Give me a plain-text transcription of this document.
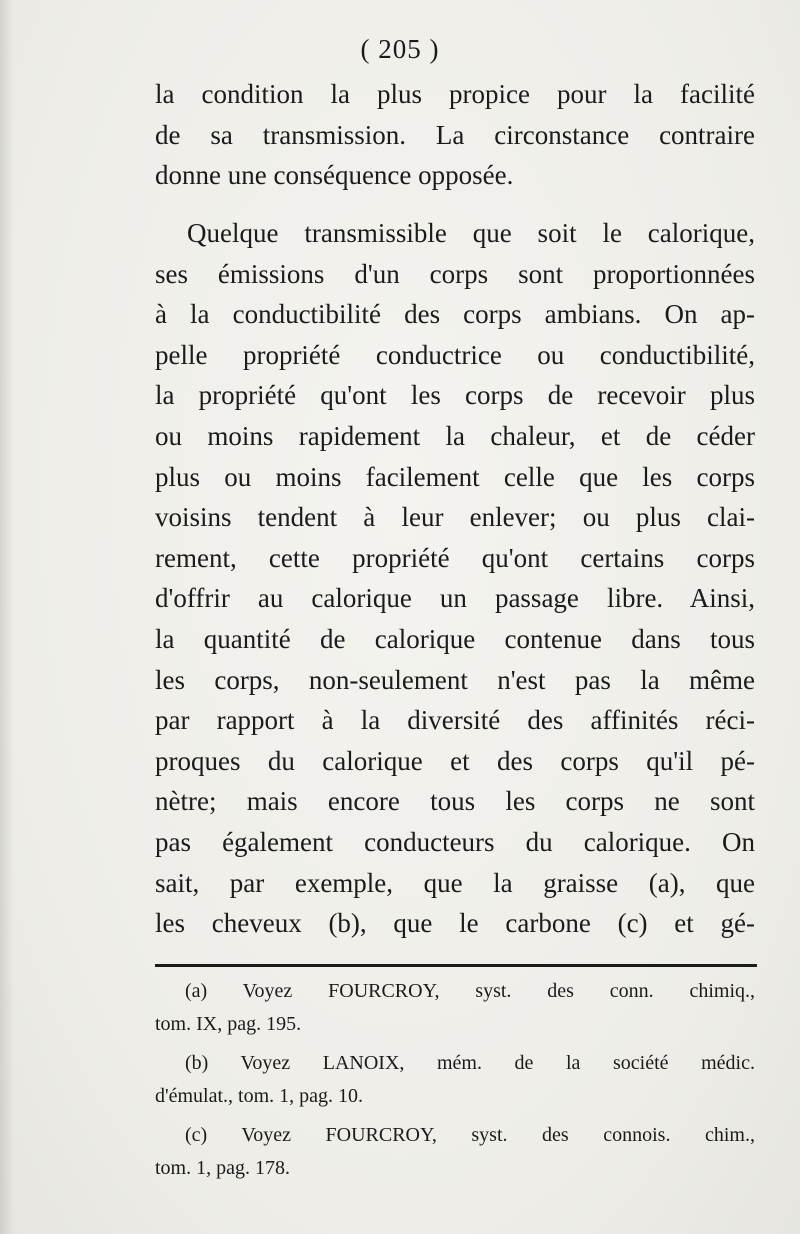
( 205 )
la condition la plus propice pour la facilité
de sa transmission. La circonstance contraire
donne une conséquence opposée.
Quelque transmissible que soit le calorique,
ses émissions d'un corps sont proportionnées
à la conductibilité des corps ambians. On ap-
pelle propriété conductrice ou conductibilité,
la propriété qu'ont les corps de recevoir plus
ou moins rapidement la chaleur, et de céder
plus ou moins facilement celle que les corps
voisins tendent à leur enlever; ou plus clai-
rement, cette propriété qu'ont certains corps
d'offrir au calorique un passage libre. Ainsi,
la quantité de calorique contenue dans tous
les corps, non-seulement n'est pas la même
par rapport à la diversité des affinités réci-
proques du calorique et des corps qu'il pé-
nètre; mais encore tous les corps ne sont
pas également conducteurs du calorique. On
sait, par exemple, que la graisse (a), que
les cheveux (b), que le carbone (c) et gé-
(a) Voyez FOURCROY, syst. des conn. chimiq.,
tom. IX, pag. 195.
(b) Voyez LANOIX, mém. de la société médic.
d'émulat., tom. 1, pag. 10.
(c) Voyez FOURCROY, syst. des connois. chim.,
tom. 1, pag. 178.
